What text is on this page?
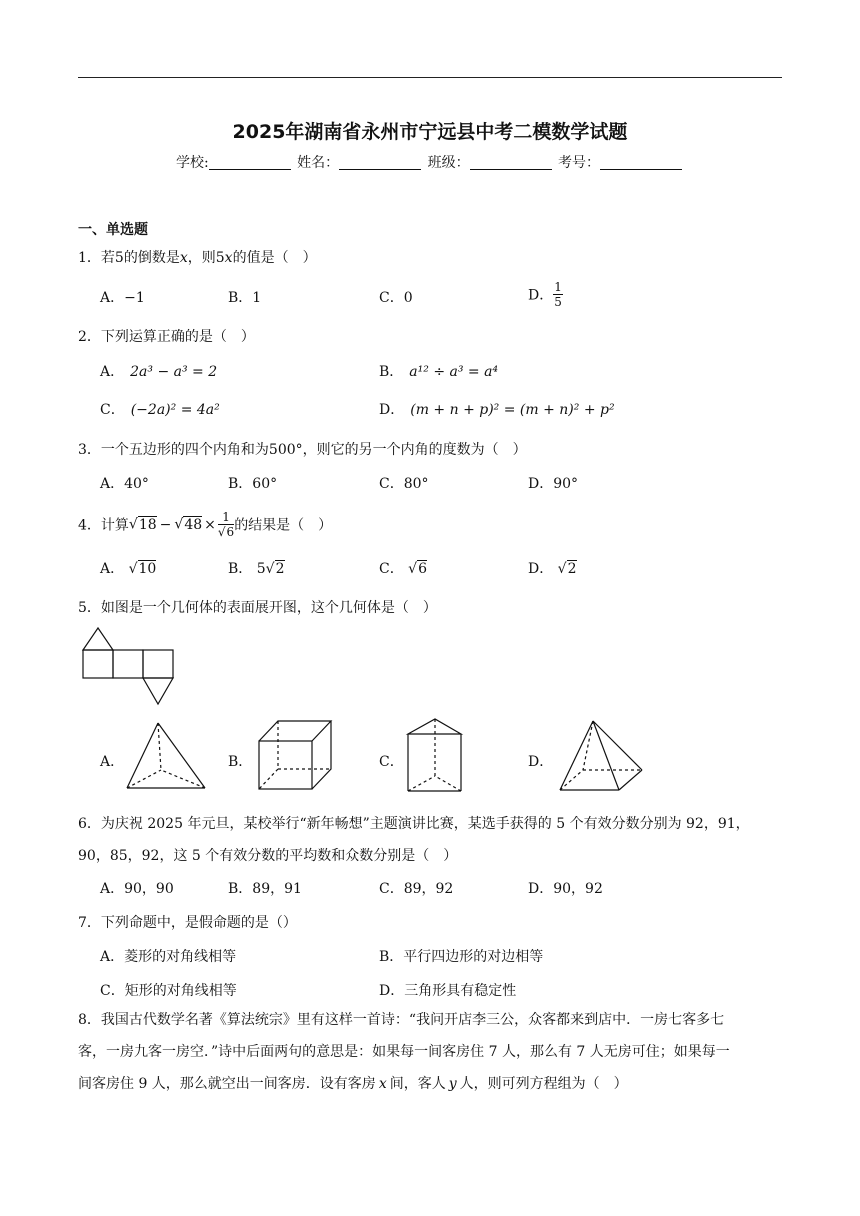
2025年湖南省永州市宁远县中考二模数学试题
学校:	姓名：	班级：	考号：
一、单选题
1．若5的倒数是x，则5x的值是（　）
A．−1	B．1	C．0	D． $\frac{1}{5}$
2．下列运算正确的是（　）
A． 2a³ − a³ = 2	B． a¹² ÷ a³ = a⁴
C． (−2a)² = 4a²	D． (m + n + p)² = (m + n)² + p²
3．一个五边形的四个内角和为500°，则它的另一个内角的度数为（　）
A．40°	B．60°	C．80°	D．90°
4．计算$√18 - √48 \times \frac{1}{√6}$ 的结果是（　）
A． √10	B． 5√2	C． √6	D． √2
5．如图是一个几何体的表面展开图，这个几何体是（　）
A．	B．	C．	D．
6．为庆祝 2025 年元旦，某校举行“新年畅想”主题演讲比赛，某选手获得的 5 个有效分数分别为 92，91，
90，85，92，这 5 个有效分数的平均数和众数分别是（　）
A．90，90	B．89，91	C．89，92	D．90，92
7．下列命题中，是假命题的是（）
A．菱形的对角线相等	B．平行四边形的对边相等
C．矩形的对角线相等	D．三角形具有稳定性
8．我国古代数学名著《算法统宗》里有这样一首诗：“我问开店李三公，众客都来到店中．一房七客多七
客，一房九客一房空．”诗中后面两句的意思是：如果每一间客房住 7 人，那么有 7 人无房可住；如果每一
间客房住 9 人，那么就空出一间客房．设有客房 x 间，客人 y 人，则可列方程组为（　）
